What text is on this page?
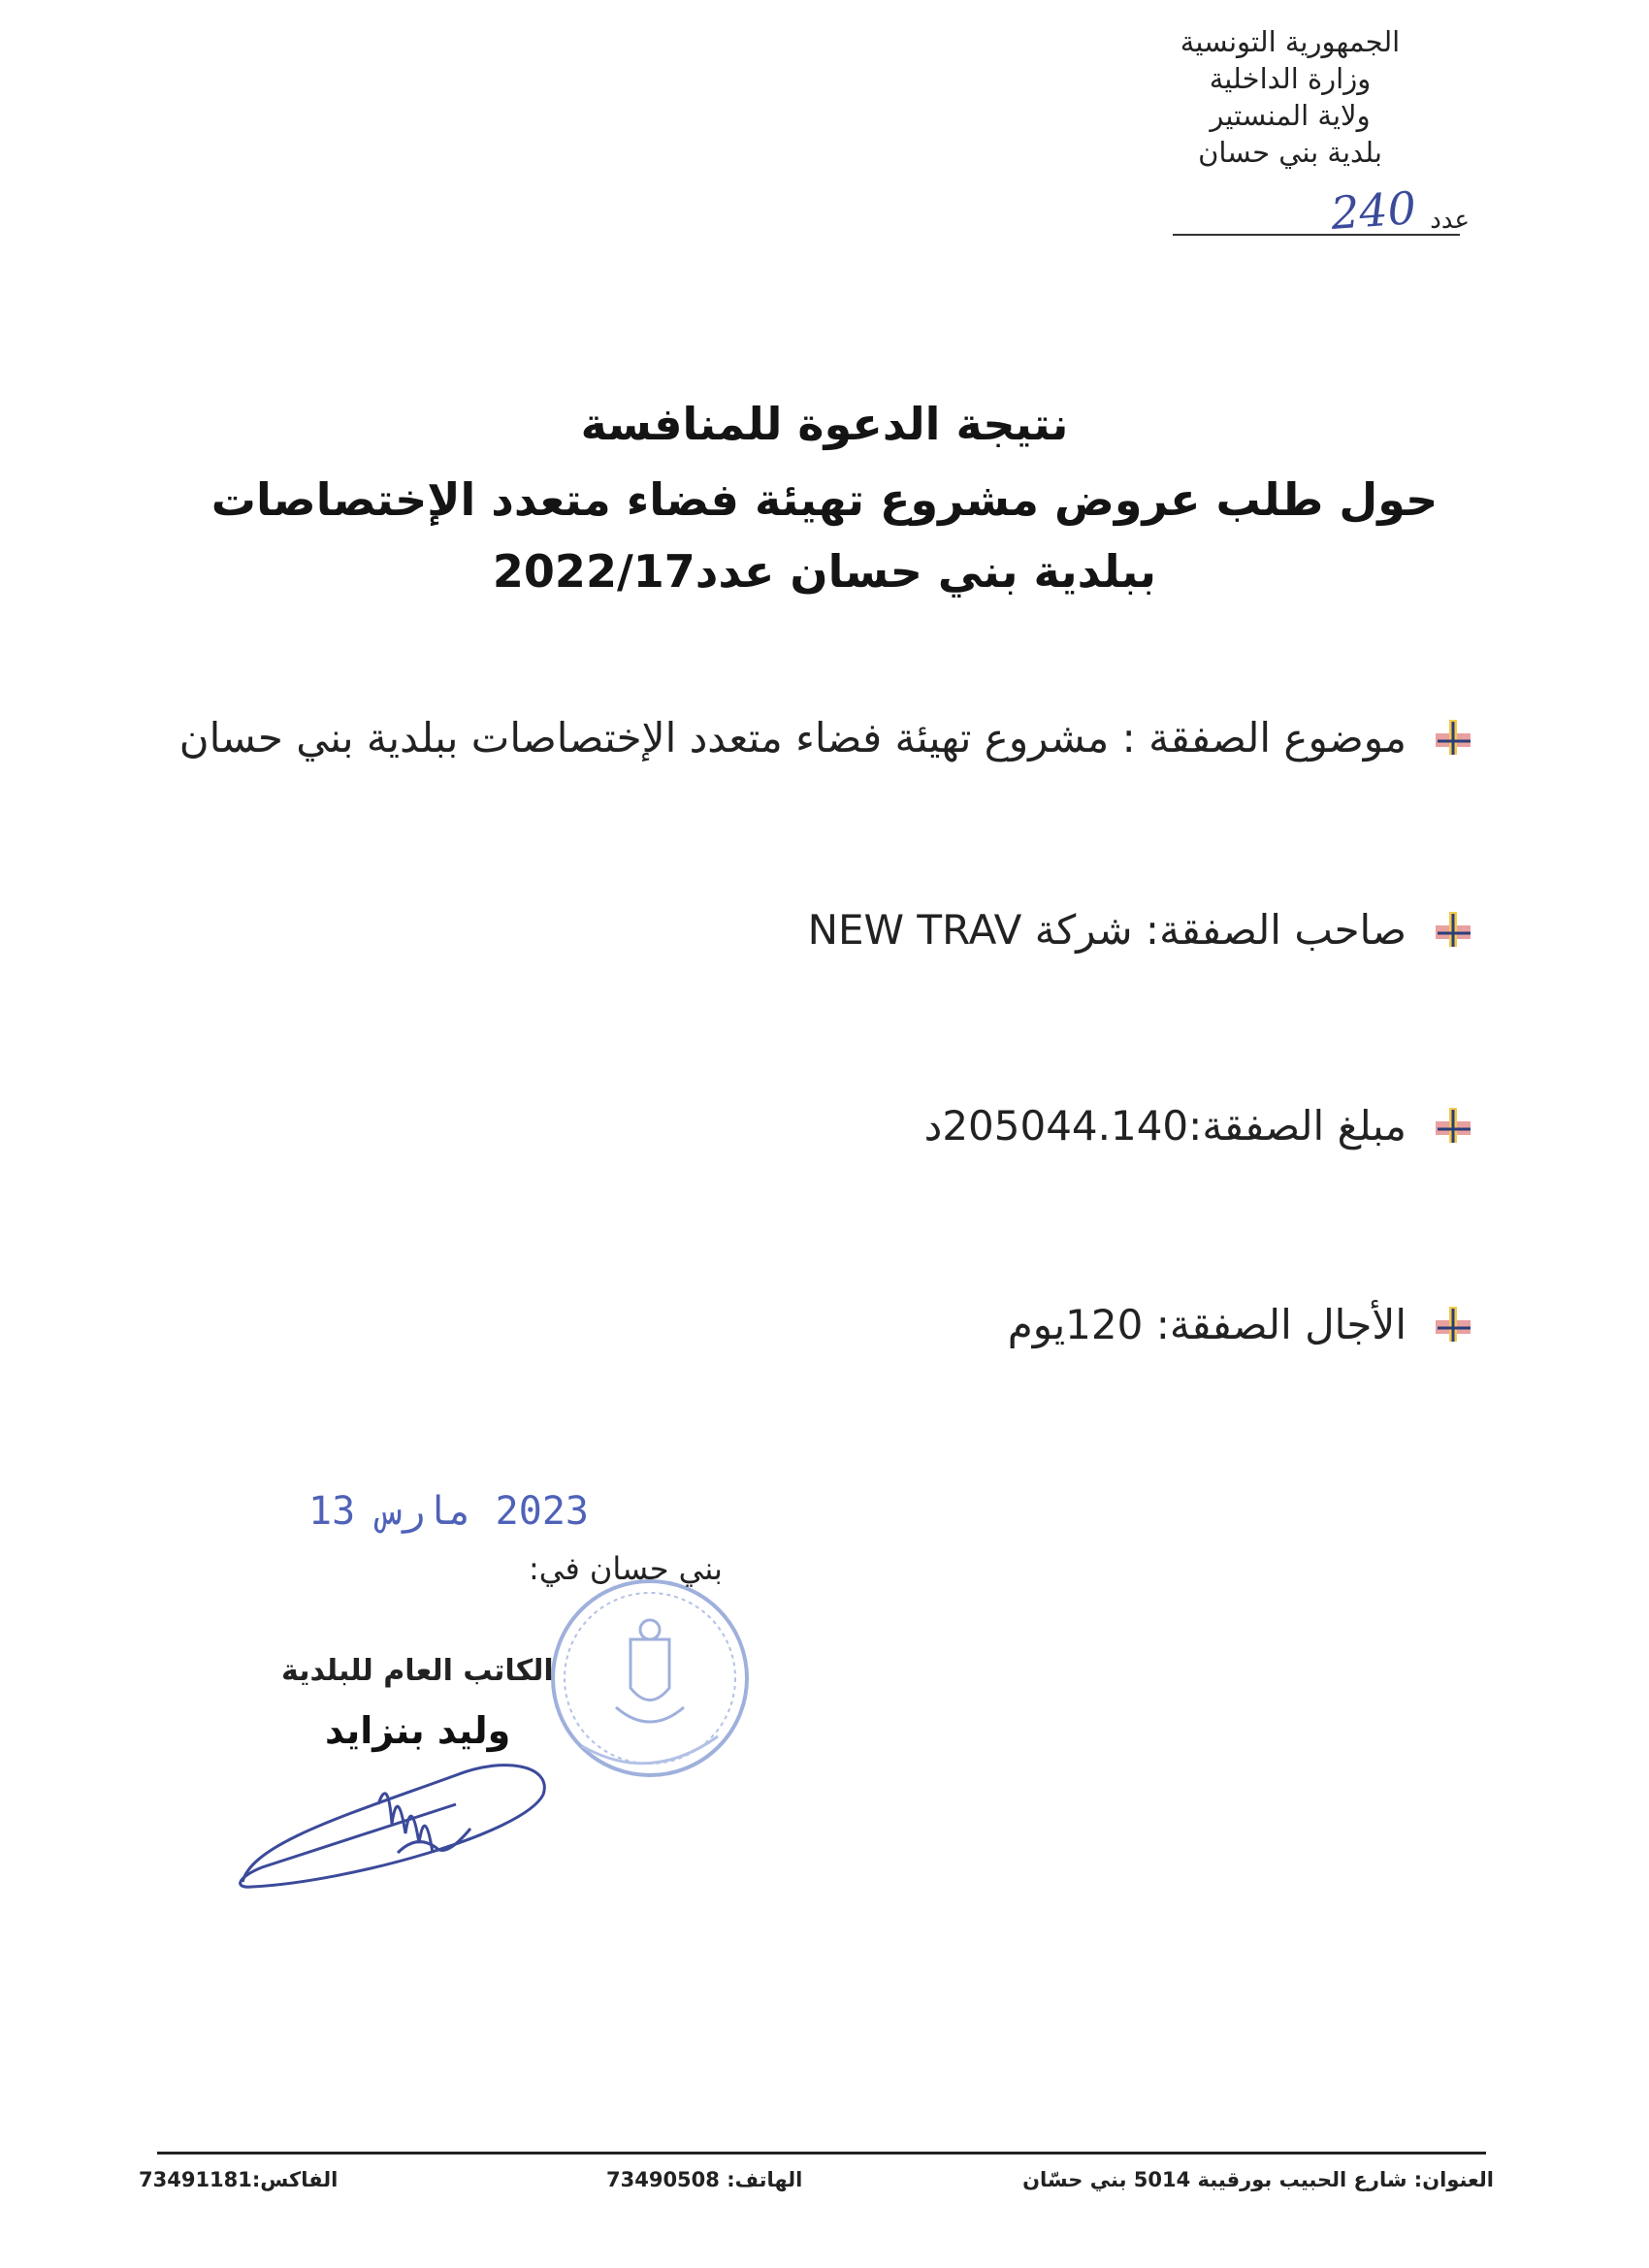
الجمهورية التونسية
وزارة الداخلية
ولاية المنستير
بلدية بني حسان
عدد
240
نتيجة الدعوة للمنافسة
حول طلب عروض مشروع تهيئة فضاء متعدد الإختصاصات
ببلدية بني حسان عدد2022/17
موضوع الصفقة : مشروع تهيئة فضاء متعدد الإختصاصات ببلدية بني حسان
صاحب الصفقة: شركة NEW TRAV
مبلغ الصفقة:205044.140د
الأجال الصفقة: 120يوم
2023 مارس 13
بني حسان في:
الكاتب العام للبلدية
وليد بنزايد
العنوان: شارع الحبيب بورقيبة 5014 بني حسّان
الهاتف: 73490508
الفاكس:73491181
